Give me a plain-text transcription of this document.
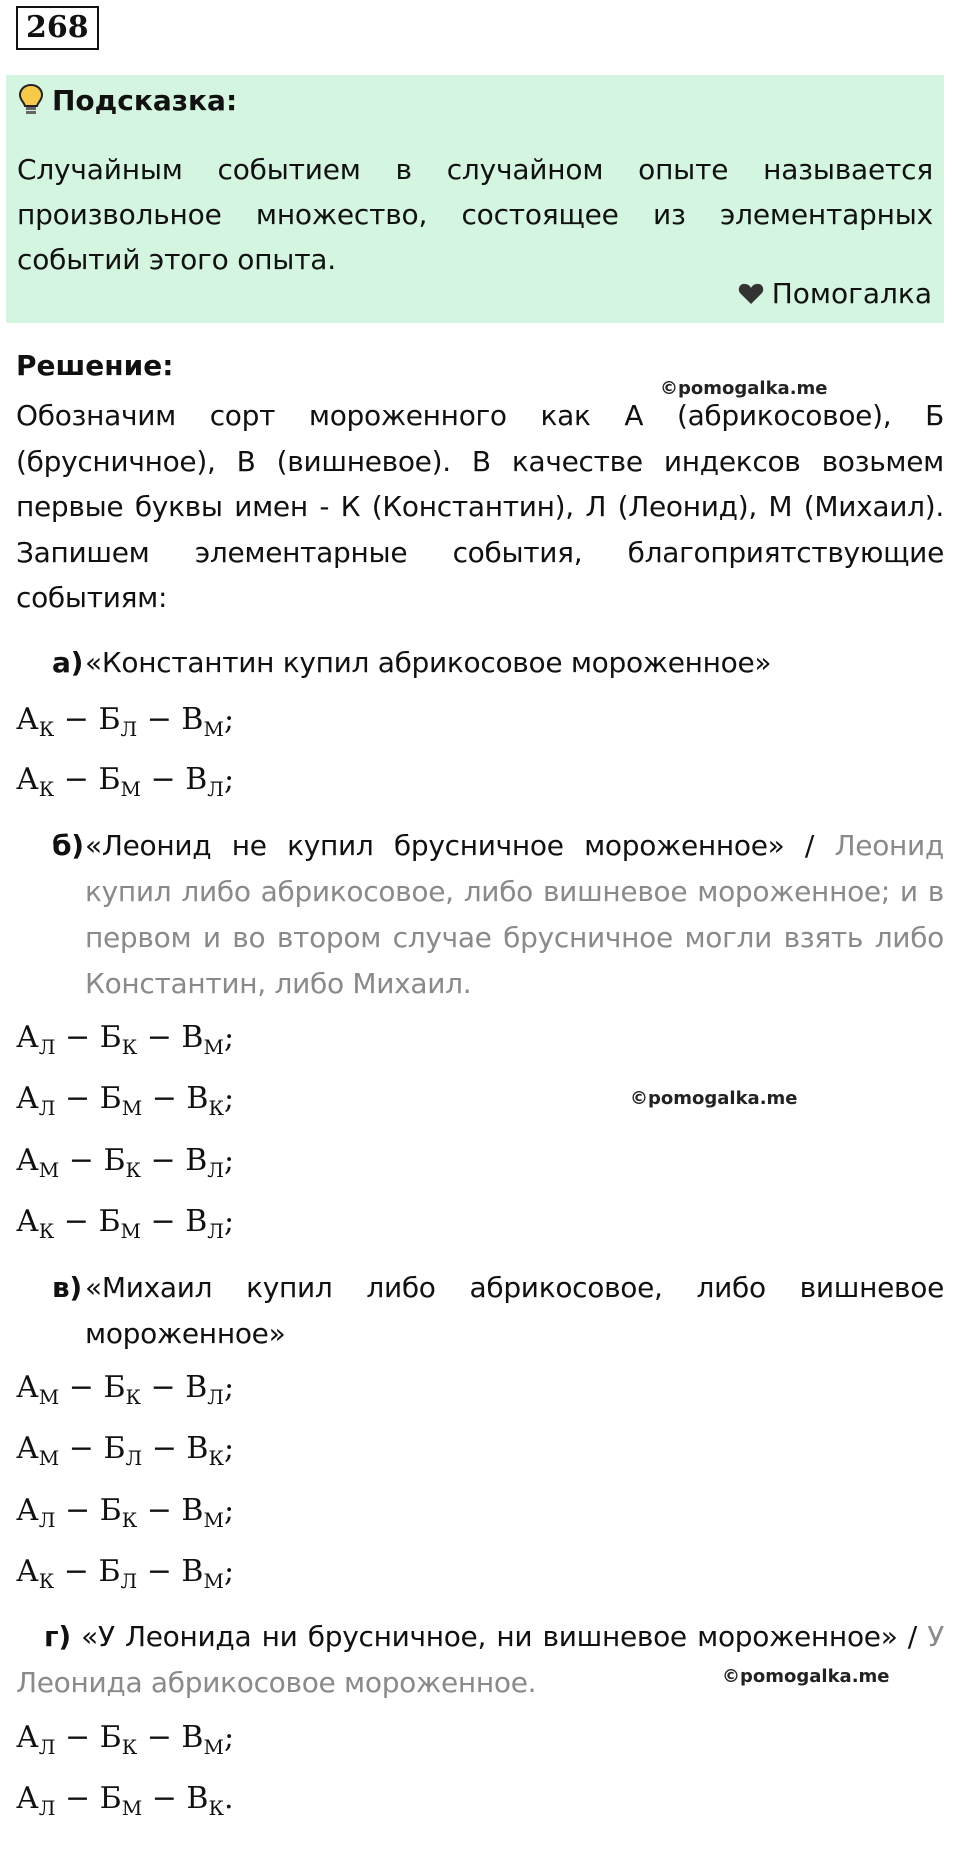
268
Подсказка:
Случайным событием в случайном опыте называется произвольное множество, состоящее из элементарных событий этого опыта.
Помогалка
Решение:
©pomogalka.me
Обозначим сорт мороженного как А (абрикосовое), Б (брусничное), В (вишневое). В качестве индексов возьмем первые буквы имен - К (Константин), Л (Леонид), М (Михаил). Запишем элементарные события, благоприятствующие событиям:
а) «Константин купил абрикосовое мороженное»
$А_К - Б_Л - В_М$;
$А_К - Б_М - В_Л$;
б) «Леонид не купил брусничное мороженное» / Леонид купил либо абрикосовое, либо вишневое мороженное; и в первом и во втором случае брусничное могли взять либо Константин, либо Михаил.
$А_Л - Б_К - В_М$;
$А_Л - Б_М - В_К$;	©pomogalka.me
$А_М - Б_К - В_Л$;
$А_К - Б_М - В_Л$;
в) «Михаил купил либо абрикосовое, либо вишневое мороженное»
$А_М - Б_К - В_Л$;
$А_М - Б_Л - В_К$;
$А_Л - Б_К - В_М$;
$А_К - Б_Л - В_М$;
г) «У Леонида ни брусничное, ни вишневое мороженное» / У Леонида абрикосовое мороженное.	©pomogalka.me
$А_Л - Б_К - В_М$;
$А_Л - Б_М - В_К$.
